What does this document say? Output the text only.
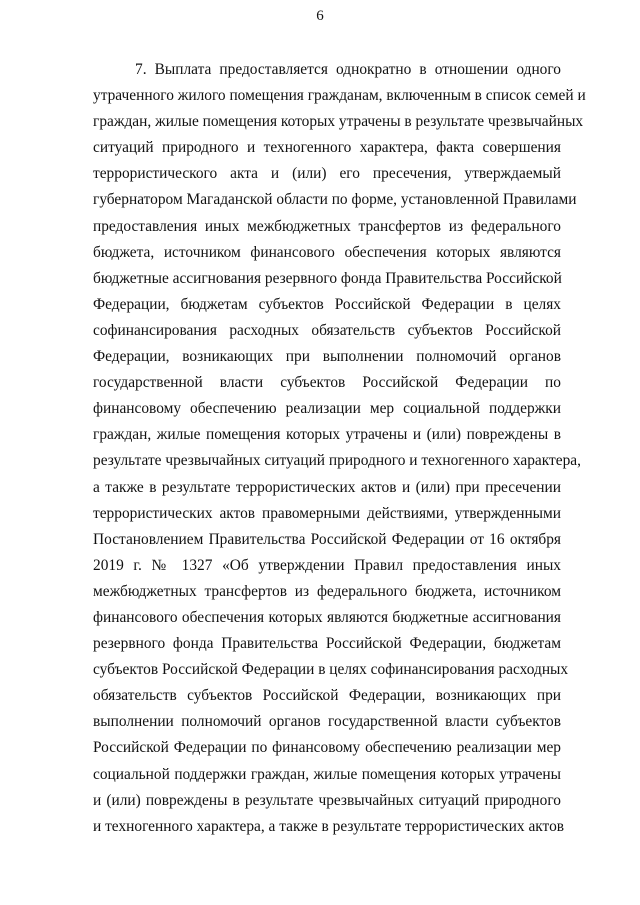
6
7. Выплата предоставляется однократно в отношении одного
утраченного жилого помещения гражданам, включенным в список семей и
граждан, жилые помещения которых утрачены в результате чрезвычайных
ситуаций природного и техногенного характера, факта совершения
террористического акта и (или) его пресечения, утверждаемый
губернатором Магаданской области по форме, установленной Правилами
предоставления иных межбюджетных трансфертов из федерального
бюджета, источником финансового обеспечения которых являются
бюджетные ассигнования резервного фонда Правительства Российской
Федерации, бюджетам субъектов Российской Федерации в целях
софинансирования расходных обязательств субъектов Российской
Федерации, возникающих при выполнении полномочий органов
государственной власти субъектов Российской Федерации по
финансовому обеспечению реализации мер социальной поддержки
граждан, жилые помещения которых утрачены и (или) повреждены в
результате чрезвычайных ситуаций природного и техногенного характера,
а также в результате террористических актов и (или) при пресечении
террористических актов правомерными действиями, утвержденными
Постановлением Правительства Российской Федерации от 16 октября
2019 г. № 1327 «Об утверждении Правил предоставления иных
межбюджетных трансфертов из федерального бюджета, источником
финансового обеспечения которых являются бюджетные ассигнования
резервного фонда Правительства Российской Федерации, бюджетам
субъектов Российской Федерации в целях софинансирования расходных
обязательств субъектов Российской Федерации, возникающих при
выполнении полномочий органов государственной власти субъектов
Российской Федерации по финансовому обеспечению реализации мер
социальной поддержки граждан, жилые помещения которых утрачены
и (или) повреждены в результате чрезвычайных ситуаций природного
и техногенного характера, а также в результате террористических актов
